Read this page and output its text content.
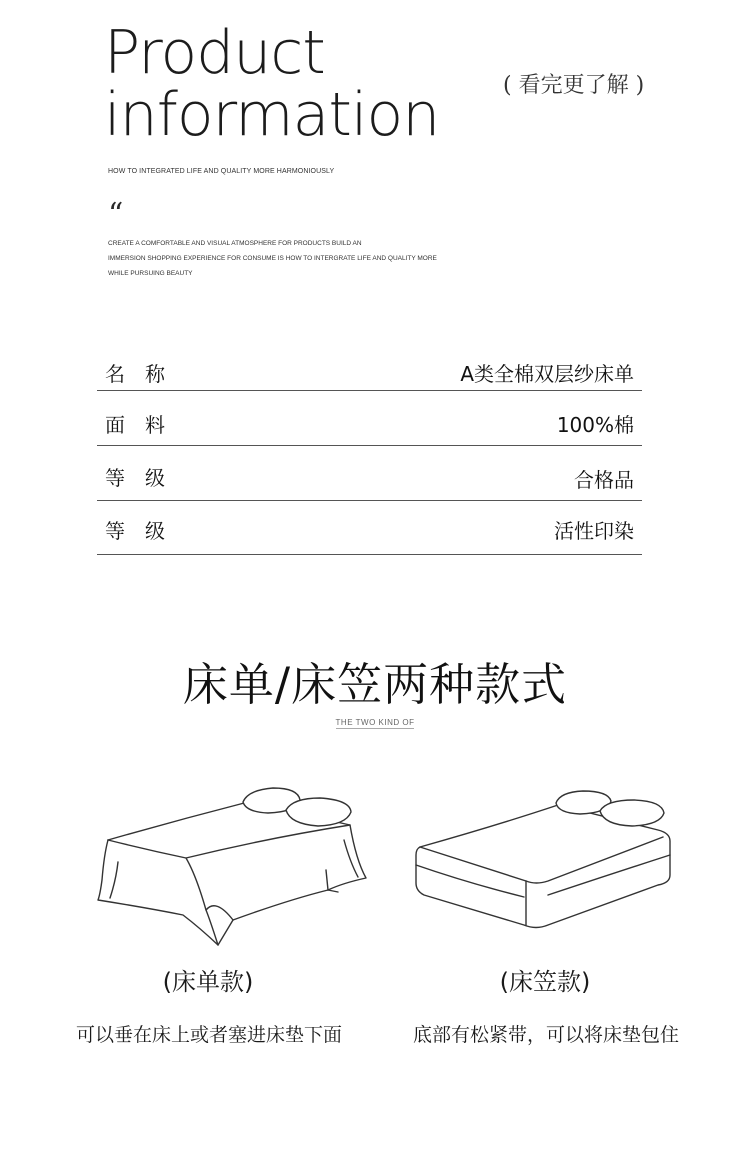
Product
information	( 看完更了解 )
HOW TO INTEGRATED LIFE AND QUALITY MORE HARMONIOUSLY
“
CREATE A COMFORTABLE AND VISUAL ATMOSPHERE FOR PRODUCTS BUILD AN
IMMERSION SHOPPING EXPERIENCE FOR CONSUME IS HOW TO INTERGRATE LIFE AND QUALITY MORE
WHILE PURSUING BEAUTY
名称	A类全棉双层纱床单
面料	100%棉
等级	合格品
等级	活性印染
床单/床笠两种款式
THE TWO KIND OF
(床单款)	(床笠款)
可以垂在床上或者塞进床垫下面	底部有松紧带，可以将床垫包住
